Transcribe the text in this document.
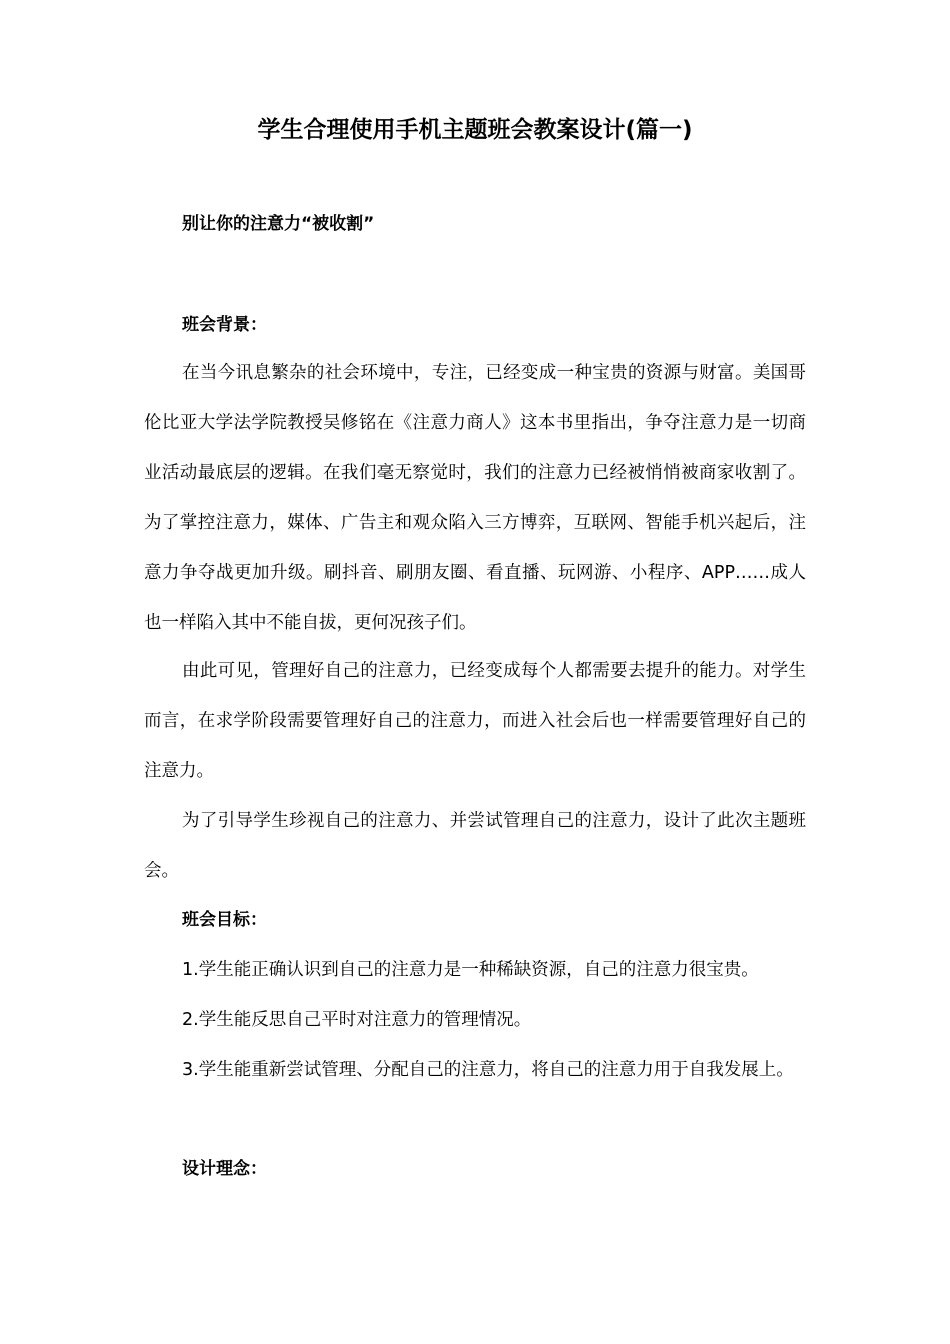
学生合理使用手机主题班会教案设计(篇一)
别让你的注意力“被收割”
班会背景：

在当今讯息繁杂的社会环境中，专注，已经变成一种宝贵的资源与财富。美国哥伦比亚大学法学院教授吴修铭在《注意力商人》这本书里指出，争夺注意力是一切商业活动最底层的逻辑。在我们毫无察觉时，我们的注意力已经被悄悄被商家收割了。为了掌控注意力，媒体、广告主和观众陷入三方博弈，互联网、智能手机兴起后，注意力争夺战更加升级。刷抖音、刷朋友圈、看直播、玩网游、小程序、APP……成人也一样陷入其中不能自拔，更何况孩子们。

由此可见，管理好自己的注意力，已经变成每个人都需要去提升的能力。对学生而言，在求学阶段需要管理好自己的注意力，而进入社会后也一样需要管理好自己的注意力。

为了引导学生珍视自己的注意力、并尝试管理自己的注意力，设计了此次主题班会。

班会目标：

1.学生能正确认识到自己的注意力是一种稀缺资源，自己的注意力很宝贵。

2.学生能反思自己平时对注意力的管理情况。

3.学生能重新尝试管理、分配自己的注意力，将自己的注意力用于自我发展上。

设计理念：
